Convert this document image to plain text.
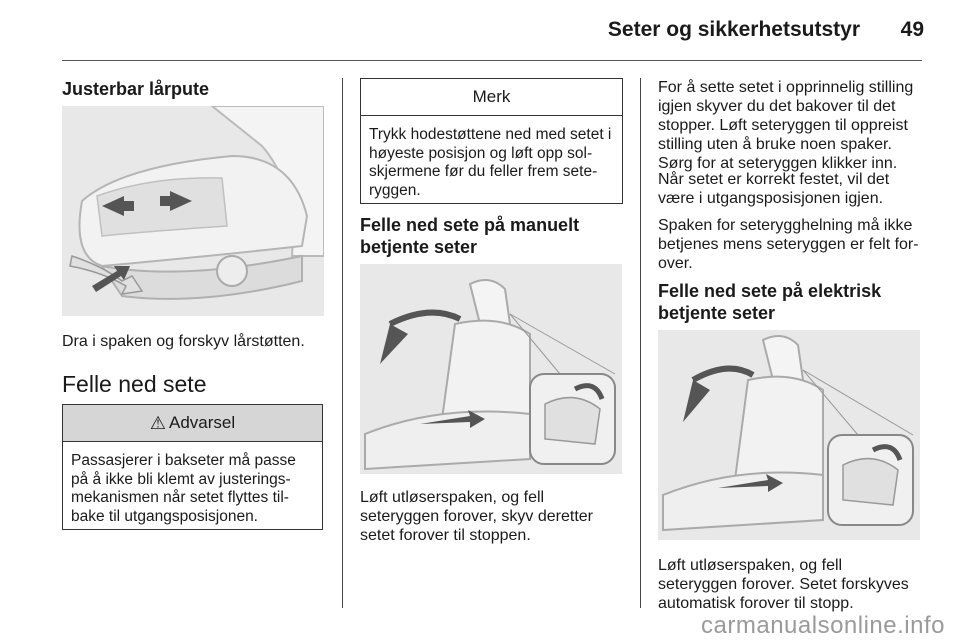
Seter og sikkerhetsutstyr	49
Justerbar lårpute

Dra i spaken og forskyv lårstøtten.

Felle ned sete
⚠ Advarsel
Passasjerer i bakseter må passe på å ikke bli klemt av justerings-mekanismen når setet flyttes til-bake til utgangsposisjonen.
Merk
Trykk hodestøttene ned med setet i høyeste posisjon og løft opp sol-skjermene før du feller frem sete-ryggen.
Felle ned sete på manuelt betjente seter

Løft utløserspaken, og fell seteryggen forover, skyv deretter setet forover til stoppen.

For å sette setet i opprinnelig stilling igjen skyver du det bakover til det stopper. Løft seteryggen til oppreist stilling uten å bruke noen spaker. Sørg for at seteryggen klikker inn.

Når setet er korrekt festet, vil det være i utgangsposisjonen igjen.

Spaken for seterygghelning må ikke betjenes mens seteryggen er felt for-over.

Felle ned sete på elektrisk betjente seter

Løft utløserspaken, og fell seteryggen forover. Setet forskyves automatisk forover til stopp.

carmanualsonline.info
